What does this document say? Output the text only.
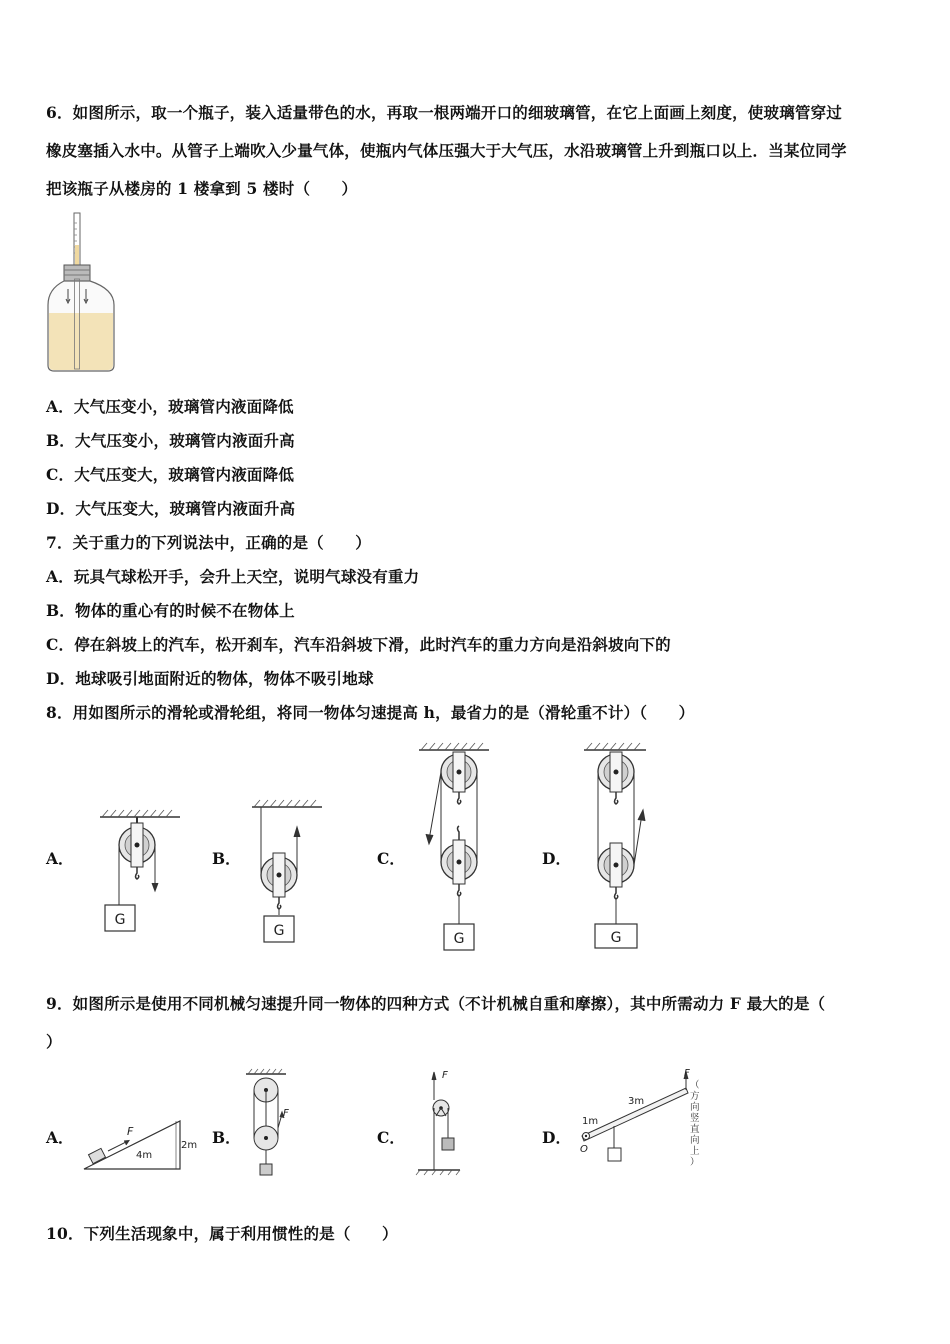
6．如图所示，取一个瓶子，装入适量带色的水，再取一根两端开口的细玻璃管，在它上面画上刻度，使玻璃管穿过
橡皮塞插入水中。从管子上端吹入少量气体，使瓶内气体压强大于大气压，水沿玻璃管上升到瓶口以上．当某位同学
把该瓶子从楼房的 1 楼拿到 5 楼时（　　）
A．大气压变小，玻璃管内液面降低
B．大气压变小，玻璃管内液面升高
C．大气压变大，玻璃管内液面降低
D．大气压变大，玻璃管内液面升高
7．关于重力的下列说法中，正确的是（　　）
A．玩具气球松开手，会升上天空，说明气球没有重力
B．物体的重心有的时候不在物体上
C．停在斜坡上的汽车，松开刹车，汽车沿斜坡下滑，此时汽车的重力方向是沿斜坡向下的
D．地球吸引地面附近的物体，物体不吸引地球
8．用如图所示的滑轮或滑轮组，将同一物体匀速提高 h，最省力的是（滑轮重不计）（　　）
A．	B．	C．	D．
G
G	G	G
9．如图所示是使用不同机械匀速提升同一物体的四种方式（不计机械自重和摩擦），其中所需动力 F 最大的是（
）
A．	B．	C．	D．
F
4m
2m
F
F
O
1m
3m
F
（
方
向
竖
直
向
上
）
10．下列生活现象中，属于利用惯性的是（　　）
